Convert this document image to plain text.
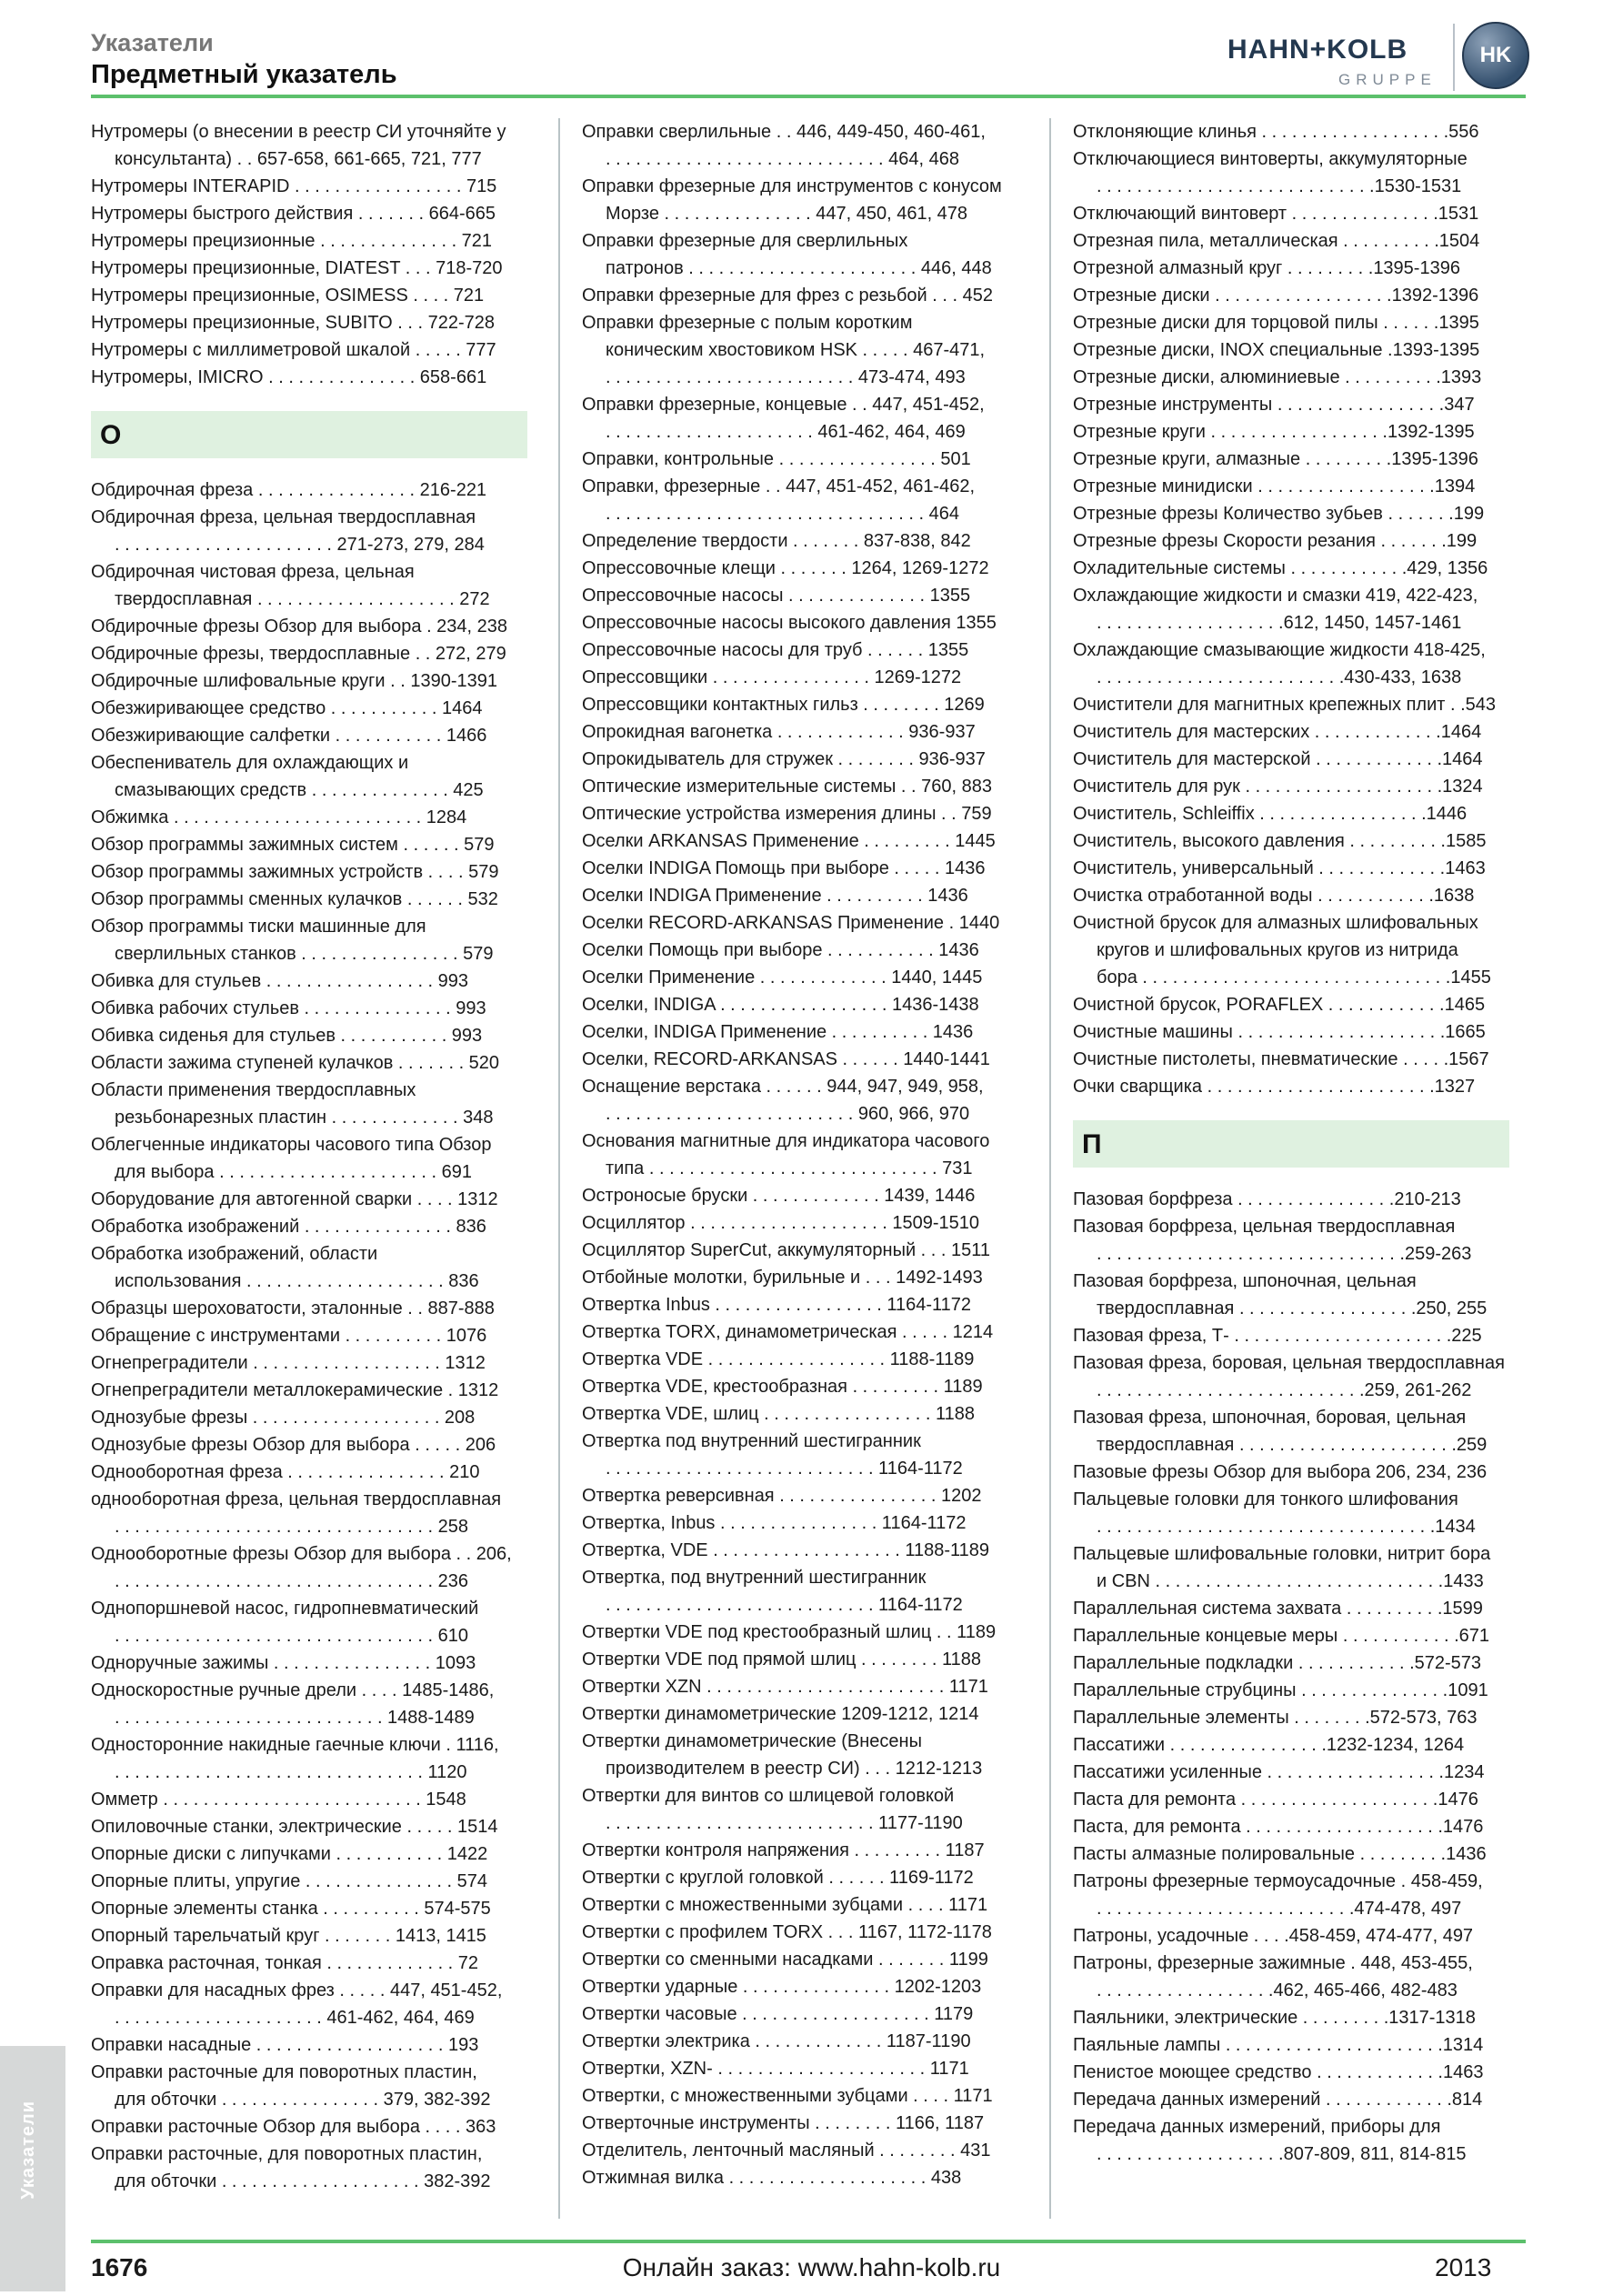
Указатели
Предметный указатель
HAHN+KOLB
GRUPPE
HK
Нутромеры (о внесении в реестр СИ уточняйте у
консультанта) . . 657-658, 661-665, 721, 777
Нутромеры INTERAPID . . . . . . . . . . . . . . . . . 715
Нутромеры быстрого действия . . . . . . . 664-665
Нутромеры прецизионные . . . . . . . . . . . . . . 721
Нутромеры прецизионные, DIATEST . . . 718-720
Нутромеры прецизионные, OSIMESS . . . . 721
Нутромеры прецизионные, SUBITO . . . 722-728
Нутромеры с миллиметровой шкалой . . . . . 777
Нутромеры, IMICRO . . . . . . . . . . . . . . . 658-661
О
Обдирочная фреза . . . . . . . . . . . . . . . . 216-221
Обдирочная фреза, цельная твердосплавная
. . . . . . . . . . . . . . . . . . . . . . 271-273, 279, 284
Обдирочная чистовая фреза, цельная
твердосплавная . . . . . . . . . . . . . . . . . . . . 272
Обдирочные фрезы Обзор для выбора . 234, 238
Обдирочные фрезы, твердосплавные . . 272, 279
Обдирочные шлифовальные круги . . 1390-1391
Обезжиривающее средство . . . . . . . . . . . 1464
Обезжиривающие салфетки . . . . . . . . . . . 1466
Обеспениватель для охлаждающих и
смазывающих средств . . . . . . . . . . . . . . 425
Обжимка . . . . . . . . . . . . . . . . . . . . . . . . . 1284
Обзор программы зажимных систем . . . . . . 579
Обзор программы зажимных устройств . . . . 579
Обзор программы сменных кулачков . . . . . . 532
Обзор программы тиски машинные для
сверлильных станков . . . . . . . . . . . . . . . . 579
Обивка для стульев . . . . . . . . . . . . . . . . . 993
Обивка рабочих стульев . . . . . . . . . . . . . . . 993
Обивка сиденья для стульев . . . . . . . . . . . 993
Области зажима ступеней кулачков . . . . . . . 520
Области применения твердосплавных
резьбонарезных пластин . . . . . . . . . . . . . 348
Облегченные индикаторы часового типа Обзор
для выбора . . . . . . . . . . . . . . . . . . . . . . 691
Оборудование для автогенной сварки . . . . 1312
Обработка изображений . . . . . . . . . . . . . . . 836
Обработка изображений, области
использования . . . . . . . . . . . . . . . . . . . . 836
Образцы шероховатости, эталонные . . 887-888
Обращение с инструментами . . . . . . . . . . 1076
Огнепреградители . . . . . . . . . . . . . . . . . . . 1312
Огнепреградители металлокерамические . 1312
Однозубые фрезы . . . . . . . . . . . . . . . . . . . 208
Однозубые фрезы Обзор для выбора . . . . . 206
Однооборотная фреза . . . . . . . . . . . . . . . . 210
однооборотная фреза, цельная твердосплавная
. . . . . . . . . . . . . . . . . . . . . . . . . . . . . . . . 258
Однооборотные фрезы Обзор для выбора . . 206,
. . . . . . . . . . . . . . . . . . . . . . . . . . . . . . . . 236
Однопоршневой насос, гидропневматический
. . . . . . . . . . . . . . . . . . . . . . . . . . . . . . . . 610
Одноручные зажимы . . . . . . . . . . . . . . . . 1093
Односкоростные ручные дрели . . . . 1485-1486,
. . . . . . . . . . . . . . . . . . . . . . . . . . . 1488-1489
Односторонние накидные гаечные ключи . 1116,
. . . . . . . . . . . . . . . . . . . . . . . . . . . . . . . 1120
Омметр . . . . . . . . . . . . . . . . . . . . . . . . . . 1548
Опиловочные станки, электрические . . . . . 1514
Опорные диски с липучками . . . . . . . . . . . 1422
Опорные плиты, упругие . . . . . . . . . . . . . . . 574
Опорные элементы станка . . . . . . . . . . 574-575
Опорный тарельчатый круг . . . . . . . 1413, 1415
Оправка расточная, тонкая . . . . . . . . . . . . . 72
Оправки для насадных фрез . . . . . 447, 451-452,
. . . . . . . . . . . . . . . . . . . . . 461-462, 464, 469
Оправки насадные . . . . . . . . . . . . . . . . . . . 193
Оправки расточные для поворотных пластин,
для обточки . . . . . . . . . . . . . . . . 379, 382-392
Оправки расточные Обзор для выбора . . . . 363
Оправки расточные, для поворотных пластин,
для обточки . . . . . . . . . . . . . . . . . . . . 382-392
Оправки сверлильные . . 446, 449-450, 460-461,
. . . . . . . . . . . . . . . . . . . . . . . . . . . . 464, 468
Оправки фрезерные для инструментов с конусом
Морзе . . . . . . . . . . . . . . . 447, 450, 461, 478
Оправки фрезерные для сверлильных
патронов . . . . . . . . . . . . . . . . . . . . . . . 446, 448
Оправки фрезерные для фрез с резьбой . . . 452
Оправки фрезерные с полым коротким
коническим хвостовиком HSK . . . . . 467-471,
. . . . . . . . . . . . . . . . . . . . . . . . . 473-474, 493
Оправки фрезерные, концевые . . 447, 451-452,
. . . . . . . . . . . . . . . . . . . . . 461-462, 464, 469
Оправки, контрольные . . . . . . . . . . . . . . . . 501
Оправки, фрезерные . . 447, 451-452, 461-462,
. . . . . . . . . . . . . . . . . . . . . . . . . . . . . . . . 464
Определение твердости . . . . . . . 837-838, 842
Опрессовочные клещи . . . . . . . 1264, 1269-1272
Опрессовочные насосы . . . . . . . . . . . . . . 1355
Опрессовочные насосы высокого давления 1355
Опрессовочные насосы для труб . . . . . . 1355
Опрессовщики . . . . . . . . . . . . . . . . 1269-1272
Опрессовщики контактных гильз . . . . . . . . 1269
Опрокидная вагонетка . . . . . . . . . . . . . 936-937
Опрокидыватель для стружек . . . . . . . . 936-937
Оптические измерительные системы . . 760, 883
Оптические устройства измерения длины . . 759
Оселки ARKANSAS Применение . . . . . . . . . 1445
Оселки INDIGA Помощь при выборе . . . . . 1436
Оселки INDIGA Применение . . . . . . . . . . 1436
Оселки RECORD-ARKANSAS Применение . 1440
Оселки Помощь при выборе . . . . . . . . . . . 1436
Оселки Применение . . . . . . . . . . . . . 1440, 1445
Оселки, INDIGA . . . . . . . . . . . . . . . . . 1436-1438
Оселки, INDIGA Применение . . . . . . . . . . 1436
Оселки, RECORD-ARKANSAS . . . . . . 1440-1441
Оснащение верстака . . . . . . 944, 947, 949, 958,
. . . . . . . . . . . . . . . . . . . . . . . . . 960, 966, 970
Основания магнитные для индикатора часового
типа . . . . . . . . . . . . . . . . . . . . . . . . . . . . . 731
Остроносые бруски . . . . . . . . . . . . . 1439, 1446
Осциллятор . . . . . . . . . . . . . . . . . . . . 1509-1510
Осциллятор SuperCut, аккумуляторный . . . 1511
Отбойные молотки, бурильные и . . . 1492-1493
Отвертка Inbus . . . . . . . . . . . . . . . . . 1164-1172
Отвертка TORX, динамометрическая . . . . . 1214
Отвертка VDE . . . . . . . . . . . . . . . . . . 1188-1189
Отвертка VDE, крестообразная . . . . . . . . . 1189
Отвертка VDE, шлиц . . . . . . . . . . . . . . . . . 1188
Отвертка под внутренний шестигранник
. . . . . . . . . . . . . . . . . . . . . . . . . . . 1164-1172
Отвертка реверсивная . . . . . . . . . . . . . . . . 1202
Отвертка, Inbus . . . . . . . . . . . . . . . . 1164-1172
Отвертка, VDE . . . . . . . . . . . . . . . . . . . 1188-1189
Отвертка, под внутренний шестигранник
. . . . . . . . . . . . . . . . . . . . . . . . . . . 1164-1172
Отвертки VDE под крестообразный шлиц . . 1189
Отвертки VDE под прямой шлиц . . . . . . . . 1188
Отвертки XZN . . . . . . . . . . . . . . . . . . . . . . . . 1171
Отвертки динамометрические 1209-1212, 1214
Отвертки динамометрические (Внесены
производителем в реестр СИ) . . . 1212-1213
Отвертки для винтов со шлицевой головкой
. . . . . . . . . . . . . . . . . . . . . . . . . . . 1177-1190
Отвертки контроля напряжения . . . . . . . . . 1187
Отвертки с круглой головкой . . . . . . 1169-1172
Отвертки с множественными зубцами . . . . 1171
Отвертки с профилем TORX . . . 1167, 1172-1178
Отвертки со сменными насадками . . . . . . . 1199
Отвертки ударные . . . . . . . . . . . . . . . 1202-1203
Отвертки часовые . . . . . . . . . . . . . . . . . . . 1179
Отвертки электрика . . . . . . . . . . . . . 1187-1190
Отвертки, XZN- . . . . . . . . . . . . . . . . . . . . . 1171
Отвертки, с множественными зубцами . . . . 1171
Отверточные инструменты . . . . . . . . 1166, 1187
Отделитель, ленточный масляный . . . . . . . . 431
Отжимная вилка . . . . . . . . . . . . . . . . . . . . 438
Отклоняющие клинья . . . . . . . . . . . . . . . . . . .556
Отключающиеся винтоверты, аккумуляторные
. . . . . . . . . . . . . . . . . . . . . . . . . . . .1530-1531
Отключающий винтоверт . . . . . . . . . . . . . . .1531
Отрезная пила, металлическая . . . . . . . . . .1504
Отрезной алмазный круг . . . . . . . . .1395-1396
Отрезные диски . . . . . . . . . . . . . . . . . .1392-1396
Отрезные диски для торцовой пилы . . . . . .1395
Отрезные диски, INOX специальные .1393-1395
Отрезные диски, алюминиевые . . . . . . . . . .1393
Отрезные инструменты . . . . . . . . . . . . . . . . .347
Отрезные круги . . . . . . . . . . . . . . . . . .1392-1395
Отрезные круги, алмазные . . . . . . . . .1395-1396
Отрезные минидиски . . . . . . . . . . . . . . . . . .1394
Отрезные фрезы Количество зубьев . . . . . . .199
Отрезные фрезы Скорости резания . . . . . . .199
Охладительные системы . . . . . . . . . . . .429, 1356
Охлаждающие жидкости и смазки 419, 422-423,
. . . . . . . . . . . . . . . . . . .612, 1450, 1457-1461
Охлаждающие смазывающие жидкости 418-425,
. . . . . . . . . . . . . . . . . . . . . . . . .430-433, 1638
Очистители для магнитных крепежных плит . .543
Очиститель для мастерских . . . . . . . . . . . . .1464
Очиститель для мастерской . . . . . . . . . . . . .1464
Очиститель для рук . . . . . . . . . . . . . . . . . . . .1324
Очиститель, Schleiffix . . . . . . . . . . . . . . . . .1446
Очиститель, высокого давления . . . . . . . . . .1585
Очиститель, универсальный . . . . . . . . . . . . .1463
Очистка отработанной воды . . . . . . . . . . . .1638
Очистной брусок для алмазных шлифовальных
кругов и шлифовальных кругов из нитрида
бора . . . . . . . . . . . . . . . . . . . . . . . . . . . . . . .1455
Очистной брусок, PORAFLEX . . . . . . . . . . . .1465
Очистные машины . . . . . . . . . . . . . . . . . . . . .1665
Очистные пистолеты, пневматические . . . . .1567
Очки сварщика . . . . . . . . . . . . . . . . . . . . . . .1327
П
Пазовая борфреза . . . . . . . . . . . . . . . .210-213
Пазовая борфреза, цельная твердосплавная
. . . . . . . . . . . . . . . . . . . . . . . . . . . . . . .259-263
Пазовая борфреза, шпоночная, цельная
твердосплавная . . . . . . . . . . . . . . . . . .250, 255
Пазовая фреза, Т- . . . . . . . . . . . . . . . . . . . . . .225
Пазовая фреза, боровая, цельная твердосплавная
. . . . . . . . . . . . . . . . . . . . . . . . . . .259, 261-262
Пазовая фреза, шпоночная, боровая, цельная
твердосплавная . . . . . . . . . . . . . . . . . . . . . .259
Пазовые фрезы Обзор для выбора 206, 234, 236
Пальцевые головки для тонкого шлифования
. . . . . . . . . . . . . . . . . . . . . . . . . . . . . . . . . .1434
Пальцевые шлифовальные головки, нитрит бора
и CBN . . . . . . . . . . . . . . . . . . . . . . . . . . . . .1433
Параллельная система захвата . . . . . . . . . .1599
Параллельные концевые меры . . . . . . . . . . . .671
Параллельные подкладки . . . . . . . . . . . .572-573
Параллельные струбцины . . . . . . . . . . . . . . .1091
Параллельные элементы . . . . . . . .572-573, 763
Пассатижи . . . . . . . . . . . . . . . .1232-1234, 1264
Пассатижи усиленные . . . . . . . . . . . . . . . . . .1234
Паста для ремонта . . . . . . . . . . . . . . . . . . . .1476
Паста, для ремонта . . . . . . . . . . . . . . . . . . . .1476
Пасты алмазные полировальные . . . . . . . . .1436
Патроны фрезерные термоусадочные . 458-459,
. . . . . . . . . . . . . . . . . . . . . . . . . .474-478, 497
Патроны, усадочные . . . .458-459, 474-477, 497
Патроны, фрезерные зажимные . 448, 453-455,
. . . . . . . . . . . . . . . . . .462, 465-466, 482-483
Паяльники, электрические . . . . . . . . .1317-1318
Паяльные лампы . . . . . . . . . . . . . . . . . . . . . .1314
Пенистое моющее средство . . . . . . . . . . . . .1463
Передача данных измерений . . . . . . . . . . . . .814
Передача данных измерений, приборы для
. . . . . . . . . . . . . . . . . . .807-809, 811, 814-815
Указатели
1676	Онлайн заказ: www.hahn-kolb.ru	2013
